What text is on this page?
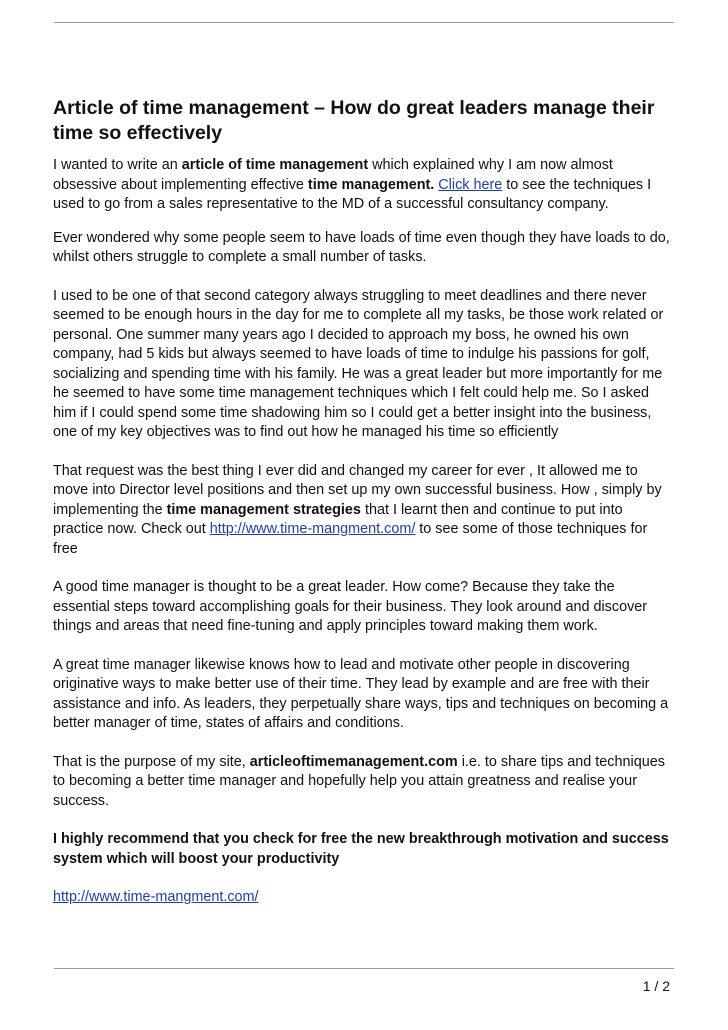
Article of time management – How do great leaders manage their time so effectively

I wanted to write an article of time management which explained why I am now almost obsessive about implementing effective time management. Click here to see the techniques I used to go from a sales representative to the MD of a successful consultancy company.

Ever wondered why some people seem to have loads of time even though they have loads to do, whilst others struggle to complete a small number of tasks.

I used to be one of that second category always struggling to meet deadlines and there never seemed to be enough hours in the day for me to complete all my tasks, be those work related or personal. One summer many years ago I decided to approach my boss, he owned his own company, had 5 kids but always seemed to have loads of time to indulge his passions for golf, socializing and spending time with his family. He was a great leader but more importantly for me he seemed to have some time management techniques which I felt could help me. So I asked him if I could spend some time shadowing him so I could get a better insight into the business, one of my key objectives was to find out how he managed his time so efficiently

That request was the best thing I ever did and changed my career for ever , It allowed me to move into Director level positions and then set up my own successful business. How , simply by implementing the time management strategies that I learnt then and continue to put into practice now. Check out http://www.time-mangment.com/ to see some of those techniques for free

A good time manager is thought to be a great leader. How come? Because they take the essential steps toward accomplishing goals for their business. They look around and discover things and areas that need fine-tuning and apply principles toward making them work.

A great time manager likewise knows how to lead and motivate other people in discovering originative ways to make better use of their time. They lead by example and are free with their assistance and info. As leaders, they perpetually share ways, tips and techniques on becoming a better manager of time, states of affairs and conditions.

That is the purpose of my site, articleoftimemanagement.com i.e. to share tips and techniques to becoming a better time manager and hopefully help you attain greatness and realise your success.

I highly recommend that you check for free the new breakthrough motivation and success system which will boost your productivity

http://www.time-mangment.com/

1 / 2
